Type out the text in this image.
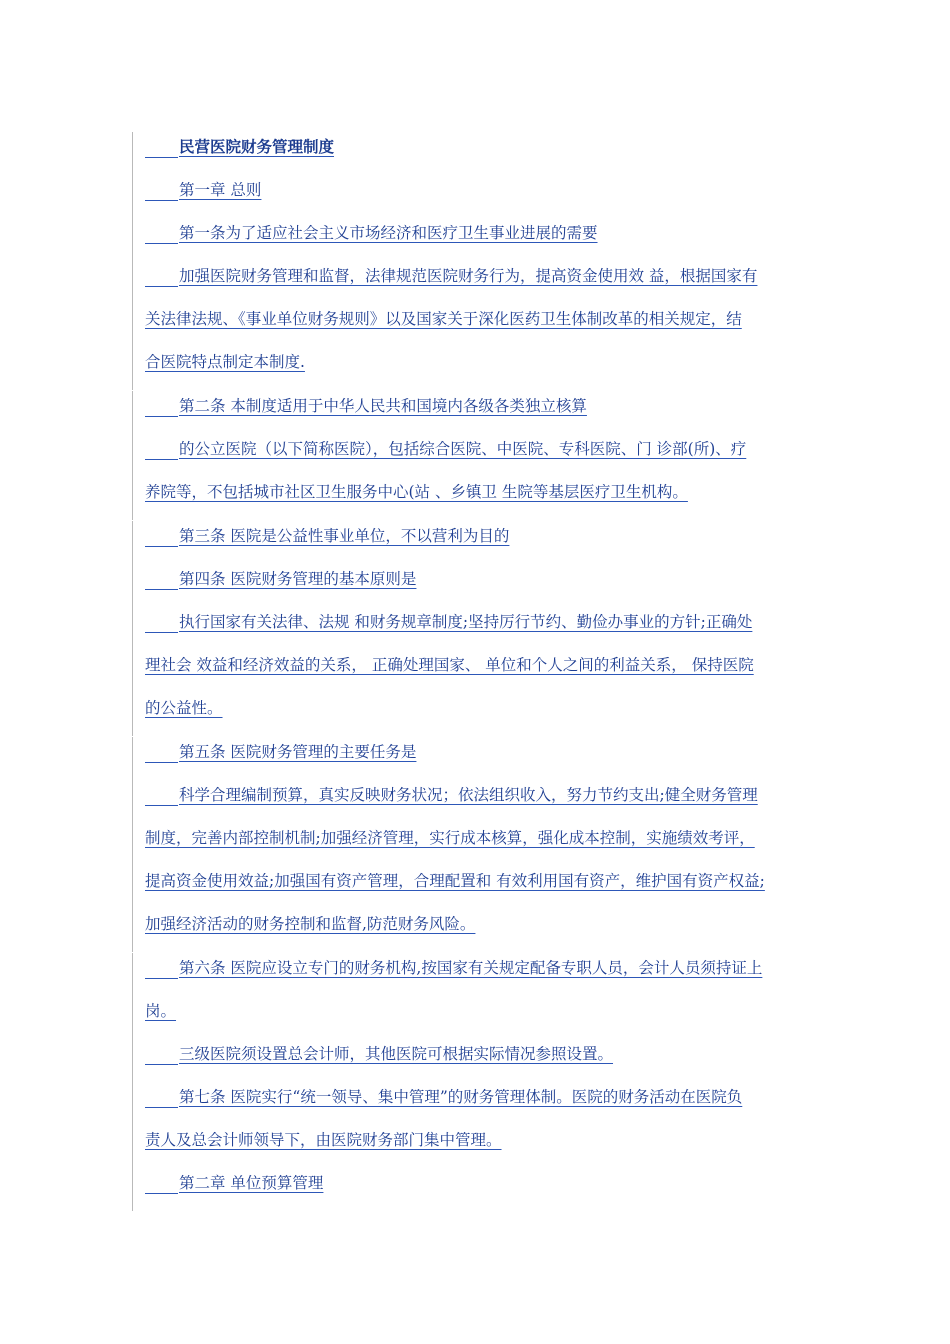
民营医院财务管理制度
第一章 总则
第一条为了适应社会主义市场经济和医疗卫生事业进展的需要
加强医院财务管理和监督，法律规范医院财务行为，提高资金使用效 益，根据国家有
关法律法规、《事业单位财务规则》以及国家关于深化医药卫生体制改革的相关规定，结
合医院特点制定本制度.
第二条 本制度适用于中华人民共和国境内各级各类独立核算
的公立医院（以下简称医院），包括综合医院、中医院、专科医院、门 诊部(所)、疗
养院等，不包括城市社区卫生服务中心(站 、乡镇卫 生院等基层医疗卫生机构。
第三条 医院是公益性事业单位，不以营利为目的
第四条 医院财务管理的基本原则是
执行国家有关法律、法规 和财务规章制度;坚持厉行节约、勤俭办事业的方针;正确处
理社会 效益和经济效益的关系， 正确处理国家、 单位和个人之间的利益关系， 保持医院
的公益性。
第五条 医院财务管理的主要任务是
科学合理编制预算，真实反映财务状况；依法组织收入，努力节约支出;健全财务管理
制度，完善内部控制机制;加强经济管理，实行成本核算，强化成本控制，实施绩效考评，
提高资金使用效益;加强国有资产管理，合理配置和 有效利用国有资产，维护国有资产权益;
加强经济活动的财务控制和监督,防范财务风险。
第六条 医院应设立专门的财务机构,按国家有关规定配备专职人员，会计人员须持证上
岗。
三级医院须设置总会计师，其他医院可根据实际情况参照设置。
第七条 医院实行“统一领导、集中管理”的财务管理体制。医院的财务活动在医院负
责人及总会计师领导下，由医院财务部门集中管理。
第二章 单位预算管理
